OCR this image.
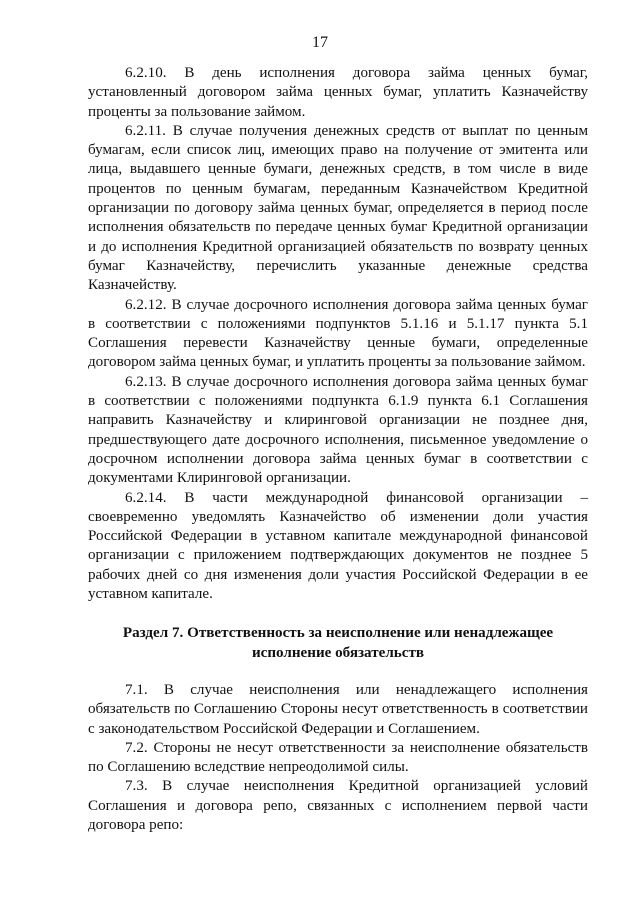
17

6.2.10. В день исполнения договора займа ценных бумаг, установленный договором займа ценных бумаг, уплатить Казначейству проценты за пользование займом.

6.2.11. В случае получения денежных средств от выплат по ценным бумагам, если список лиц, имеющих право на получение от эмитента или лица, выдавшего ценные бумаги, денежных средств, в том числе в виде процентов по ценным бумагам, переданным Казначейством Кредитной организации по договору займа ценных бумаг, определяется в период после исполнения обязательств по передаче ценных бумаг Кредитной организации и до исполнения Кредитной организацией обязательств по возврату ценных бумаг Казначейству, перечислить указанные денежные средства Казначейству.

6.2.12. В случае досрочного исполнения договора займа ценных бумаг в соответствии с положениями подпунктов 5.1.16 и 5.1.17 пункта 5.1 Соглашения перевести Казначейству ценные бумаги, определенные договором займа ценных бумаг, и уплатить проценты за пользование займом.

6.2.13. В случае досрочного исполнения договора займа ценных бумаг в соответствии с положениями подпункта 6.1.9 пункта 6.1 Соглашения направить Казначейству и клиринговой организации не позднее дня, предшествующего дате досрочного исполнения, письменное уведомление о досрочном исполнении договора займа ценных бумаг в соответствии с документами Клиринговой организации.

6.2.14. В части международной финансовой организации – своевременно уведомлять Казначейство об изменении доли участия Российской Федерации в уставном капитале международной финансовой организации с приложением подтверждающих документов не позднее 5 рабочих дней со дня изменения доли участия Российской Федерации в ее уставном капитале.

Раздел 7. Ответственность за неисполнение или ненадлежащее
исполнение обязательств

7.1. В случае неисполнения или ненадлежащего исполнения обязательств по Соглашению Стороны несут ответственность в соответствии с законодательством Российской Федерации и Соглашением.

7.2. Стороны не несут ответственности за неисполнение обязательств по Соглашению вследствие непреодолимой силы.

7.3. В случае неисполнения Кредитной организацией условий Соглашения и договора репо, связанных с исполнением первой части договора репо:
